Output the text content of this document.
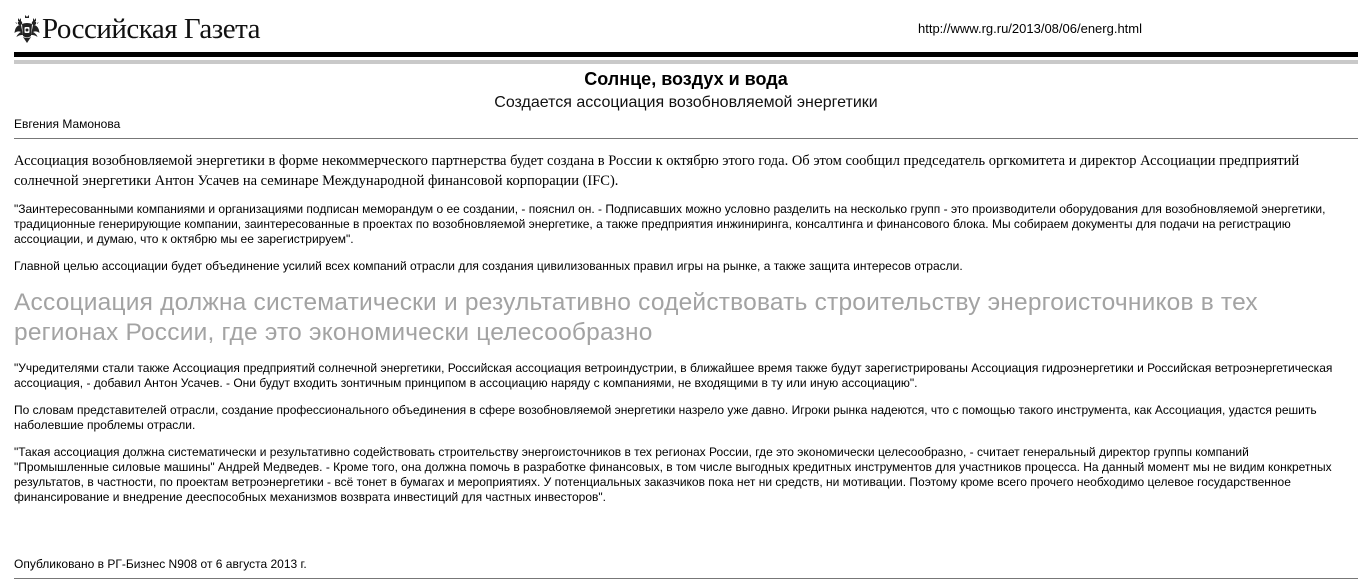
Российская Газета	http://www.rg.ru/2013/08/06/energ.html
Солнце, воздух и вода
Создается ассоциация возобновляемой энергетики
Евгения Мамонова
Ассоциация возобновляемой энергетики в форме некоммерческого партнерства будет создана в России к октябрю этого года. Об этом сообщил председатель оргкомитета и директор Ассоциации предприятий солнечной энергетики Антон Усачев на семинаре Международной финансовой корпорации (IFC).
"Заинтересованными компаниями и организациями подписан меморандум о ее создании, - пояснил он. - Подписавших можно условно разделить на несколько групп - это производители оборудования для возобновляемой энергетики, традиционные генерирующие компании, заинтересованные в проектах по возобновляемой энергетике, а также предприятия инжиниринга, консалтинга и финансового блока. Мы собираем документы для подачи на регистрацию ассоциации, и думаю, что к октябрю мы ее зарегистрируем".
Главной целью ассоциации будет объединение усилий всех компаний отрасли для создания цивилизованных правил игры на рынке, а также защита интересов отрасли.
Ассоциация должна систематически и результативно содействовать строительству энергоисточников в тех регионах России, где это экономически целесообразно
"Учредителями стали также Ассоциация предприятий солнечной энергетики, Российская ассоциация ветроиндустрии, в ближайшее время также будут зарегистрированы Ассоциация гидроэнергетики и Российская ветроэнергетическая ассоциация, - добавил Антон Усачев. - Они будут входить зонтичным принципом в ассоциацию наряду с компаниями, не входящими в ту или иную ассоциацию".
По словам представителей отрасли, создание профессионального объединения в сфере возобновляемой энергетики назрело уже давно. Игроки рынка надеются, что с помощью такого инструмента, как Ассоциация, удастся решить наболевшие проблемы отрасли.
"Такая ассоциация должна систематически и результативно содействовать строительству энергоисточников в тех регионах России, где это экономически целесообразно, - считает генеральный директор группы компаний "Промышленные силовые машины" Андрей Медведев. - Кроме того, она должна помочь в разработке финансовых, в том числе выгодных кредитных инструментов для участников процесса. На данный момент мы не видим конкретных результатов, в частности, по проектам ветроэнергетики - всё тонет в бумагах и мероприятиях. У потенциальных заказчиков пока нет ни средств, ни мотивации. Поэтому кроме всего прочего необходимо целевое государственное финансирование и внедрение дееспособных механизмов возврата инвестиций для частных инвесторов".
Опубликовано в РГ-Бизнес N908 от 6 августа 2013 г.
